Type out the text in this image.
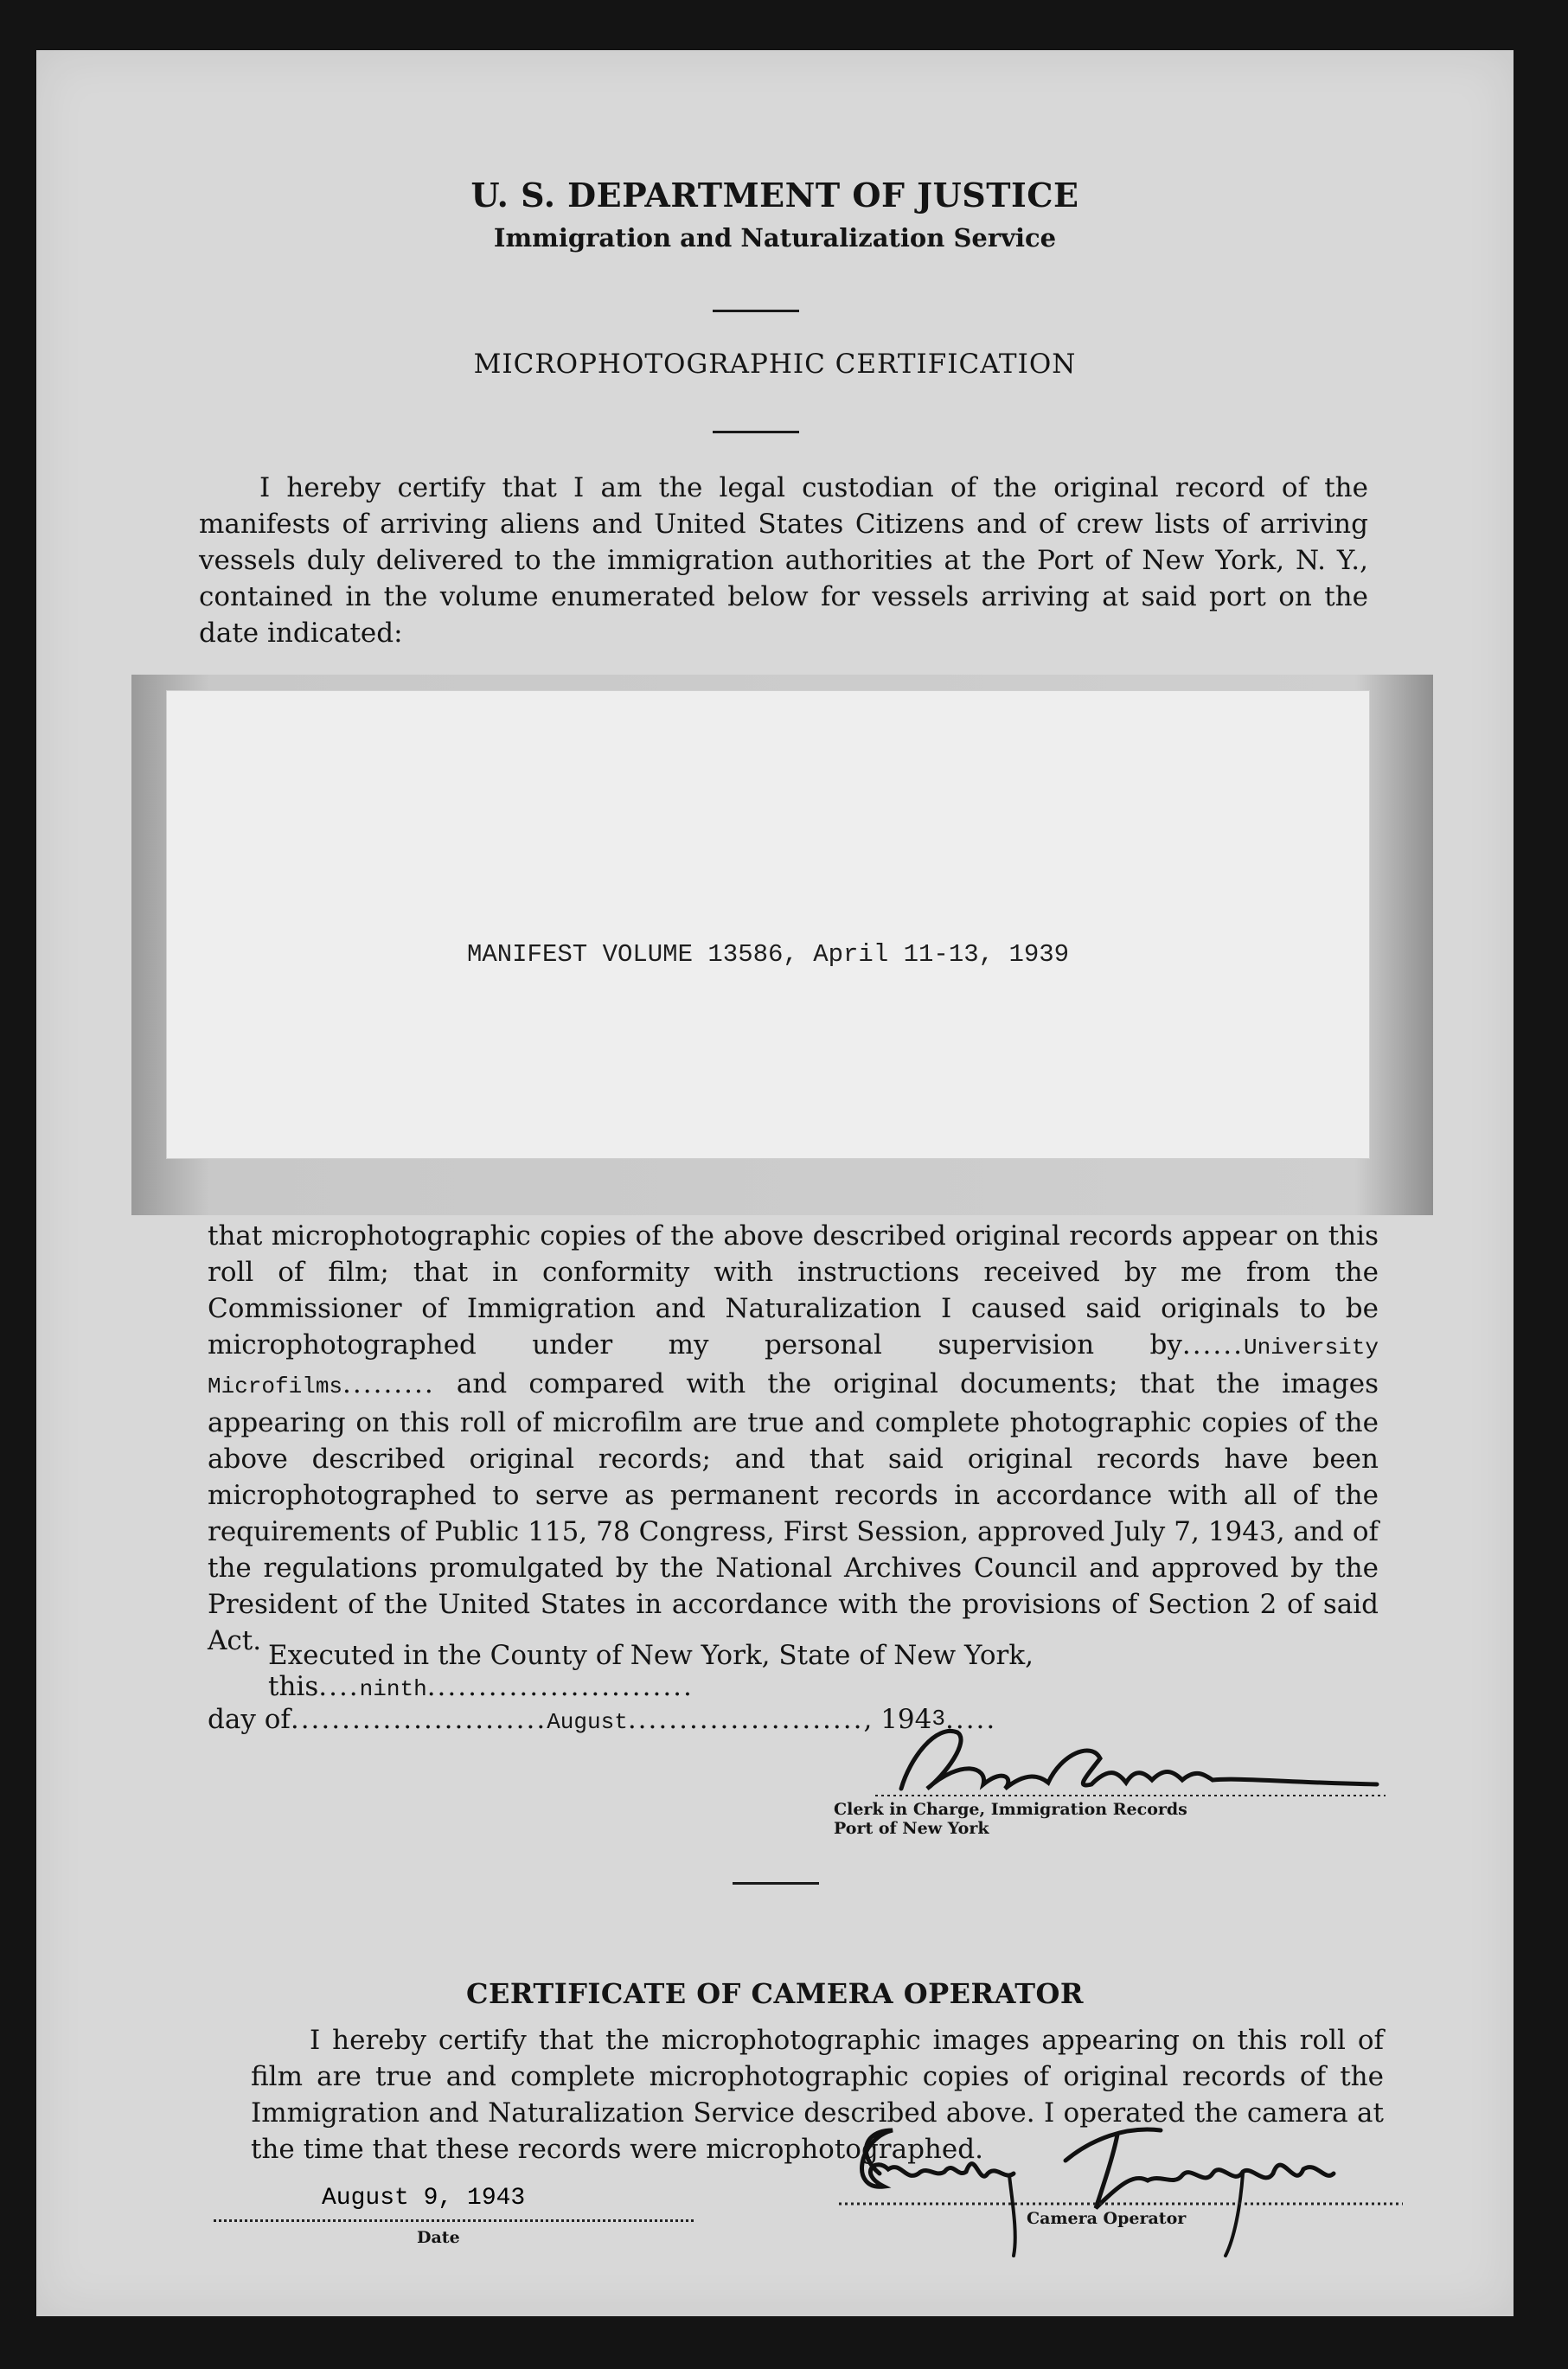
U. S. DEPARTMENT OF JUSTICE
Immigration and Naturalization Service
MICROPHOTOGRAPHIC CERTIFICATION
I hereby certify that I am the legal custodian of the original record of the manifests of arriving aliens and United States Citizens and of crew lists of arriving vessels duly delivered to the immigration authorities at the Port of New York, N. Y., contained in the volume enumerated below for vessels arriving at said port on the date indicated:
MANIFEST VOLUME 13586, April 11-13, 1939
that microphotographic copies of the above described original records appear on this roll of film; that in conformity with instructions received by me from the Commissioner of Immigration and Naturalization I caused said originals to be microphotographed under my personal supervision by......University Microfilms......... and compared with the original documents; that the images appearing on this roll of microfilm are true and complete photographic copies of the above described original records; and that said original records have been microphotographed to serve as permanent records in accordance with all of the requirements of Public 115, 78 Congress, First Session, approved July 7, 1943, and of the regulations promulgated by the National Archives Council and approved by the President of the United States in accordance with the provisions of Section 2 of said Act. Executed in the County of New York, State of New York, this....ninth..........................
day of.........................August......................., 1943.....
Clerk in Charge, Immigration Records
Port of New York
CERTIFICATE OF CAMERA OPERATOR
I hereby certify that the microphotographic images appearing on this roll of film are true and complete microphotographic copies of original records of the Immigration and Naturalization Service described above. I operated the camera at the time that these records were microphotographed.
August 9, 1943
Date
Camera Operator
